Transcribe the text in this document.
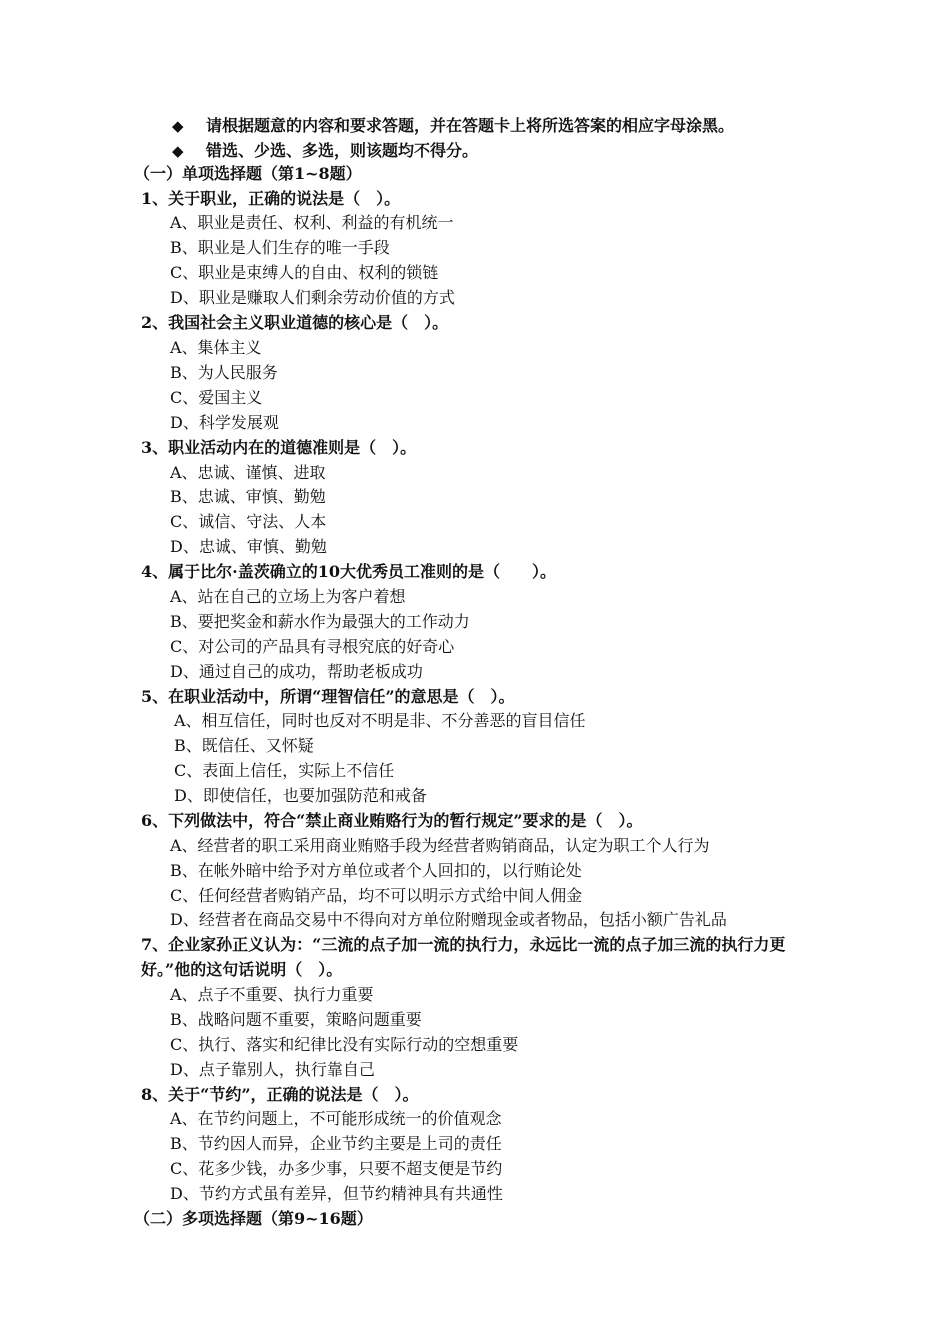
◆ 请根据题意的内容和要求答题，并在答题卡上将所选答案的相应字母涂黑。
◆ 错选、少选、多选，则该题均不得分。
（一）单项选择题（第1~8题）
1、关于职业，正确的说法是（　）。
A、职业是责任、权利、利益的有机统一
B、职业是人们生存的唯一手段
C、职业是束缚人的自由、权利的锁链
D、职业是赚取人们剩余劳动价值的方式
2、我国社会主义职业道德的核心是（　）。
A、集体主义
B、为人民服务
C、爱国主义
D、科学发展观
3、职业活动内在的道德准则是（　）。
A、忠诚、谨慎、进取
B、忠诚、审慎、勤勉
C、诚信、守法、人本
D、忠诚、审慎、勤勉
4、属于比尔·盖茨确立的10大优秀员工准则的是（　　）。
A、站在自己的立场上为客户着想
B、要把奖金和薪水作为最强大的工作动力
C、对公司的产品具有寻根究底的好奇心
D、通过自己的成功，帮助老板成功
5、在职业活动中，所谓“理智信任”的意思是（　）。
A、相互信任，同时也反对不明是非、不分善恶的盲目信任
B、既信任、又怀疑
C、表面上信任，实际上不信任
D、即使信任，也要加强防范和戒备
6、下列做法中，符合“禁止商业贿赂行为的暂行规定”要求的是（　）。
A、经营者的职工采用商业贿赂手段为经营者购销商品，认定为职工个人行为
B、在帐外暗中给予对方单位或者个人回扣的，以行贿论处
C、任何经营者购销产品，均不可以明示方式给中间人佣金
D、经营者在商品交易中不得向对方单位附赠现金或者物品，包括小额广告礼品
7、企业家孙正义认为：“三流的点子加一流的执行力，永远比一流的点子加三流的执行力更
好。”他的这句话说明（　）。
A、点子不重要、执行力重要
B、战略问题不重要，策略问题重要
C、执行、落实和纪律比没有实际行动的空想重要
D、点子靠别人，执行靠自己
8、关于“节约”，正确的说法是（　）。
A、在节约问题上，不可能形成统一的价值观念
B、节约因人而异，企业节约主要是上司的责任
C、花多少钱，办多少事，只要不超支便是节约
D、节约方式虽有差异，但节约精神具有共通性
（二）多项选择题（第9~16题）
